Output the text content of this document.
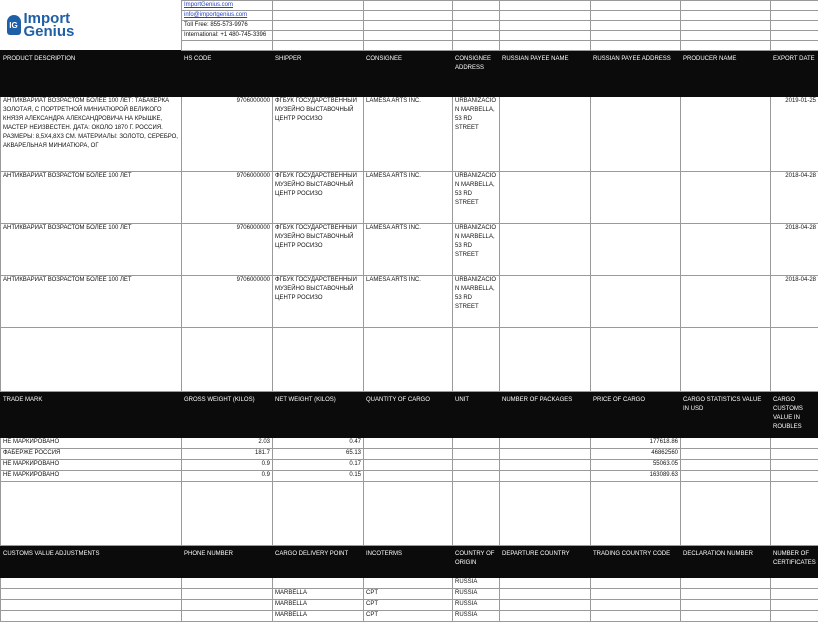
IG Import
Genius	ImportGenius.com							
	info@importgenius.com							
	Toll Free: 855-573-9976							
	International: +1 480-745-3396							

PRODUCT DESCRIPTION	HS CODE	SHIPPER	CONSIGNEE	CONSIGNEE ADDRESS	RUSSIAN PAYEE NAME	RUSSIAN PAYEE ADDRESS	PRODUCER NAME	EXPORT DATE
АНТИКВАРИАТ ВОЗРАСТОМ БОЛЕЕ 100 ЛЕТ: ТАБАКЕРКА ЗОЛОТАЯ, С ПОРТРЕТНОЙ МИНИАТЮРОЙ ВЕЛИКОГО КНЯЗЯ АЛЕКСАНДРА АЛЕКСАНДРОВИЧА НА КРЫШКЕ, МАСТЕР НЕИЗВЕСТЕН. ДАТА: ОКОЛО 1870 Г. РОССИЯ. РАЗМЕРЫ: 8,5Х4,8Х3 СМ. МАТЕРИАЛЫ: ЗОЛОТО, СЕРЕБРО, АКВАРЕЛЬНАЯ МИНИАТЮРА, ОГ	9706000000	ФГБУК ГОСУДАРСТВЕННЫЙ МУЗЕЙНО ВЫСТАВОЧНЫЙ ЦЕНТР РОСИЗО	LAMESA ARTS INC.	URBANIZACION MARBELLA, 53 RD STREET				2019-01-25
АНТИКВАРИАТ ВОЗРАСТОМ БОЛЕЕ 100 ЛЕТ	9706000000	ФГБУК ГОСУДАРСТВЕННЫЙ МУЗЕЙНО ВЫСТАВОЧНЫЙ ЦЕНТР РОСИЗО	LAMESA ARTS INC.	URBANIZACION MARBELLA, 53 RD STREET				2018-04-28
АНТИКВАРИАТ ВОЗРАСТОМ БОЛЕЕ 100 ЛЕТ	9706000000	ФГБУК ГОСУДАРСТВЕННЫЙ МУЗЕЙНО ВЫСТАВОЧНЫЙ ЦЕНТР РОСИЗО	LAMESA ARTS INC.	URBANIZACION MARBELLA, 53 RD STREET				2018-04-28
АНТИКВАРИАТ ВОЗРАСТОМ БОЛЕЕ 100 ЛЕТ	9706000000	ФГБУК ГОСУДАРСТВЕННЫЙ МУЗЕЙНО ВЫСТАВОЧНЫЙ ЦЕНТР РОСИЗО	LAMESA ARTS INC.	URBANIZACION MARBELLA, 53 RD STREET				2018-04-28

TRADE MARK	GROSS WEIGHT (KILOS)	NET WEIGHT (KILOS)	QUANTITY OF CARGO	UNIT	NUMBER OF PACKAGES	PRICE OF CARGO	CARGO STATISTICS VALUE IN USD	CARGO CUSTOMS VALUE IN ROUBLES
НЕ МАРКИРОВАНО	2.03	0.47				177618.86		
ФАБЕРЖЕ РОССИЯ	181.7	65.13				46862560		
НЕ МАРКИРОВАНО	0.9	0.17				55063.05		
НЕ МАРКИРОВАНО	0.9	0.15				163089.63		

CUSTOMS VALUE ADJUSTMENTS	PHONE NUMBER	CARGO DELIVERY POINT	INCOTERMS	COUNTRY OF ORIGIN	DEPARTURE COUNTRY	TRADING COUNTRY CODE	DECLARATION NUMBER	NUMBER OF CERTIFICATES
				RUSSIA				
		MARBELLA	CPT	RUSSIA				
		MARBELLA	CPT	RUSSIA				
		MARBELLA	CPT	RUSSIA				
